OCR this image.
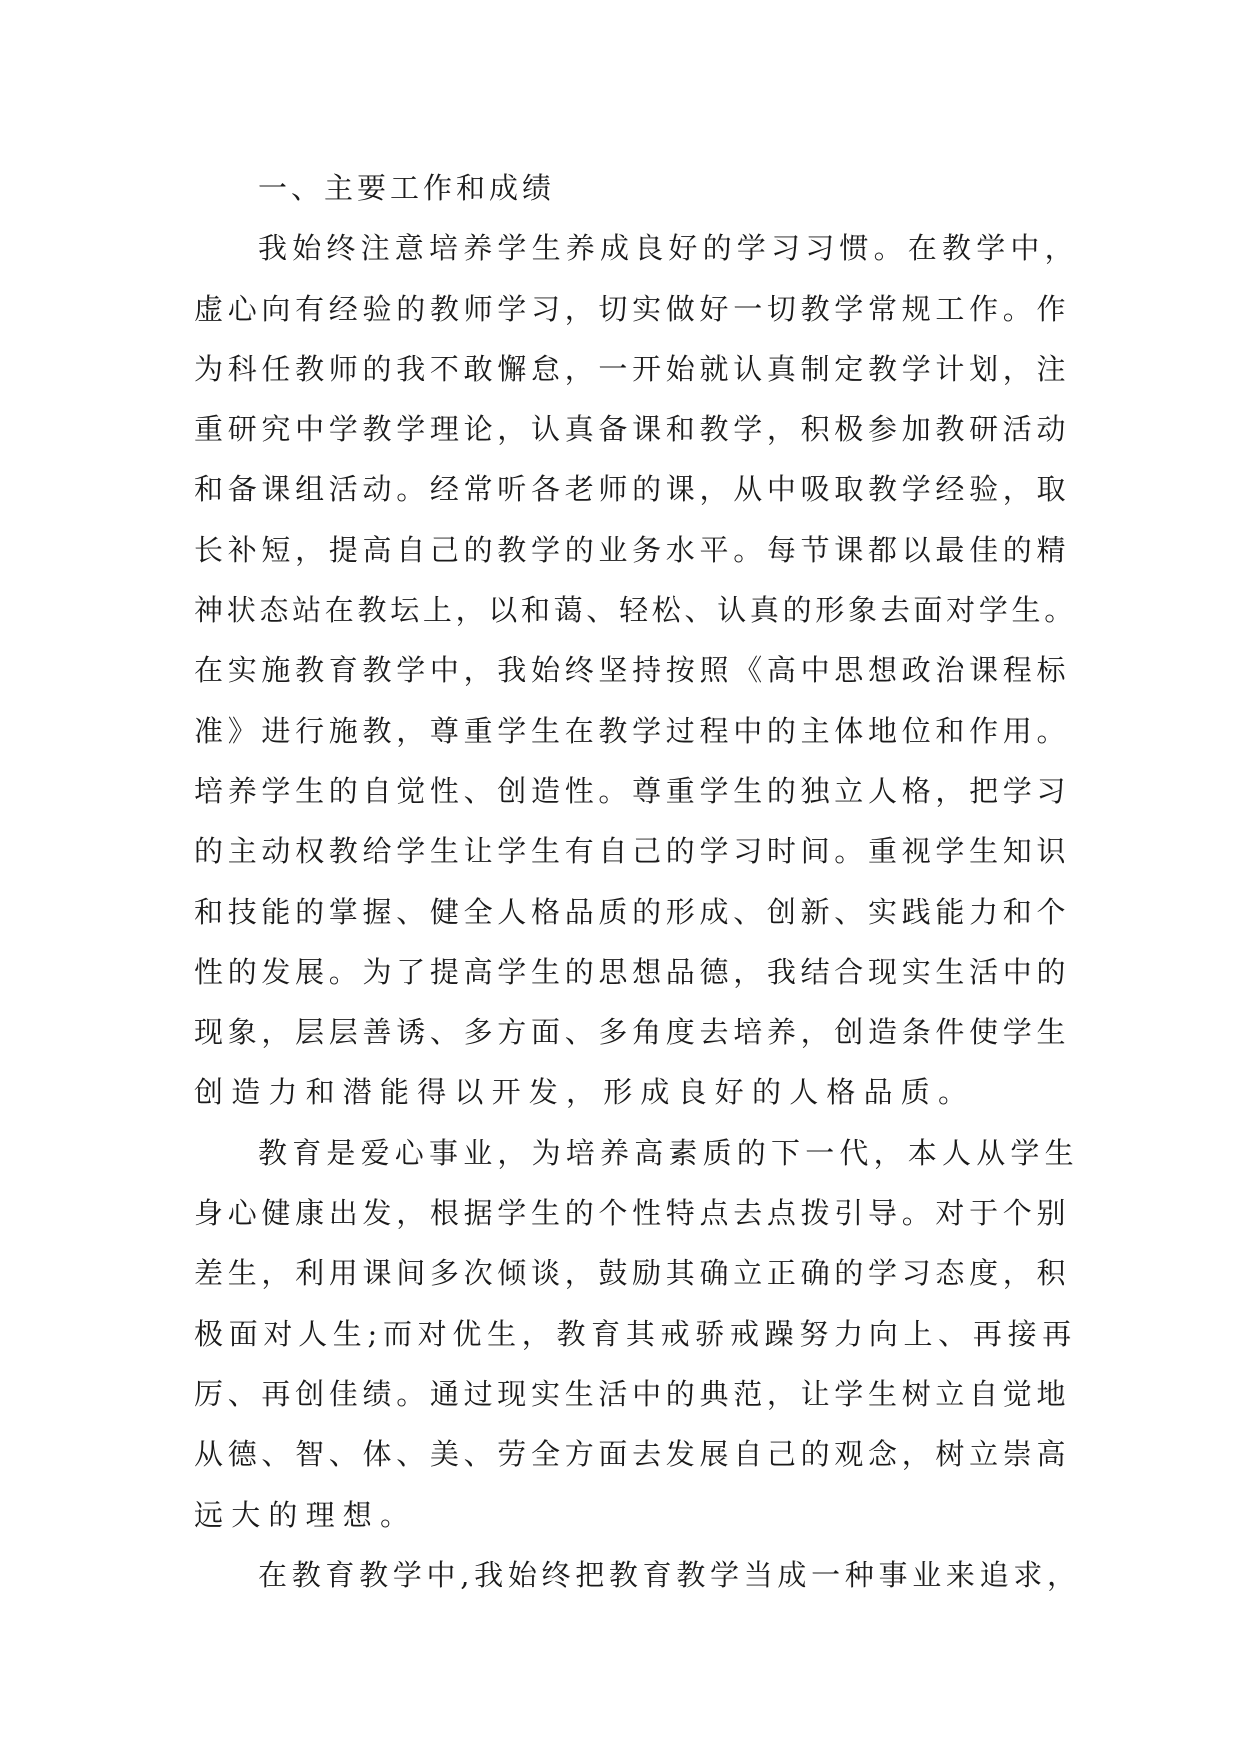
一、主要工作和成绩
我始终注意培养学生养成良好的学习习惯。在教学中，
虚心向有经验的教师学习，切实做好一切教学常规工作。作
为科任教师的我不敢懈怠，一开始就认真制定教学计划，注
重研究中学教学理论，认真备课和教学，积极参加教研活动
和备课组活动。经常听各老师的课，从中吸取教学经验，取
长补短，提高自己的教学的业务水平。每节课都以最佳的精
神状态站在教坛上，以和蔼、轻松、认真的形象去面对学生。
在实施教育教学中，我始终坚持按照《高中思想政治课程标
准》进行施教，尊重学生在教学过程中的主体地位和作用。
培养学生的自觉性、创造性。尊重学生的独立人格，把学习
的主动权教给学生让学生有自己的学习时间。重视学生知识
和技能的掌握、健全人格品质的形成、创新、实践能力和个
性的发展。为了提高学生的思想品德，我结合现实生活中的
现象，层层善诱、多方面、多角度去培养，创造条件使学生
创造力和潜能得以开发，形成良好的人格品质。
教育是爱心事业，为培养高素质的下一代，本人从学生
身心健康出发，根据学生的个性特点去点拨引导。对于个别
差生，利用课间多次倾谈，鼓励其确立正确的学习态度，积
极面对人生;而对优生，教育其戒骄戒躁努力向上、再接再
厉、再创佳绩。通过现实生活中的典范，让学生树立自觉地
从德、智、体、美、劳全方面去发展自己的观念，树立崇高
远大的理想。
在教育教学中,我始终把教育教学当成一种事业来追求，
